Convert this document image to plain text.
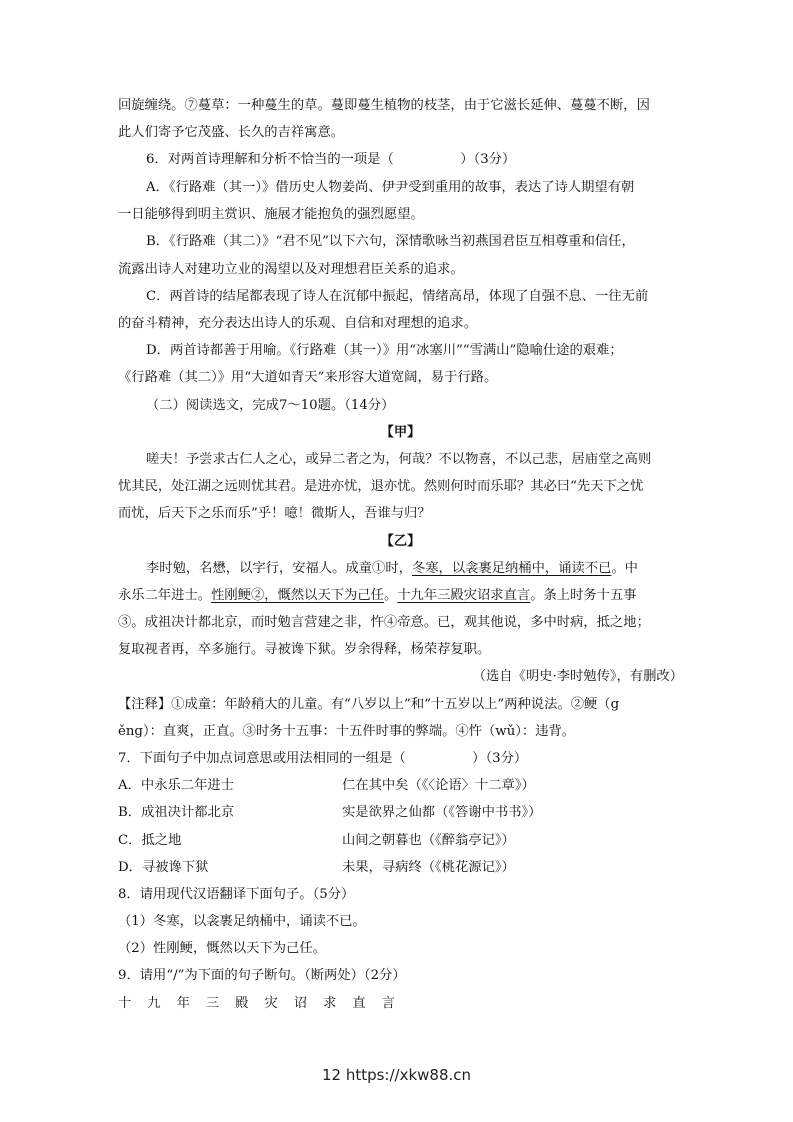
回旋缠绕。⑦蔓草：一种蔓生的草。蔓即蔓生植物的枝茎，由于它滋长延伸、蔓蔓不断，因
此人们寄予它茂盛、长久的吉祥寓意。
6．对两首诗理解和分析不恰当的一项是（　　　　　）（3分）
A．《行路难（其一）》借历史人物姜尚、伊尹受到重用的故事，表达了诗人期望有朝
一日能够得到明主赏识、施展才能抱负的强烈愿望。
B．《行路难（其二）》“君不见”以下六句，深情歌咏当初燕国君臣互相尊重和信任，
流露出诗人对建功立业的渴望以及对理想君臣关系的追求。
C．两首诗的结尾都表现了诗人在沉郁中振起，情绪高昂，体现了自强不息、一往无前
的奋斗精神，充分表达出诗人的乐观、自信和对理想的追求。
D．两首诗都善于用喻。《行路难（其一）》用“冰塞川”“雪满山”隐喻仕途的艰难；
《行路难（其二）》用“大道如青天”来形容大道宽阔，易于行路。
（二）阅读选文，完成7～10题。（14分）
【甲】
嗟夫！予尝求古仁人之心，或异二者之为，何哉？不以物喜，不以己悲，居庙堂之高则
忧其民，处江湖之远则忧其君。是进亦忧，退亦忧。然则何时而乐耶？其必曰“先天下之忧
而忧，后天下之乐而乐”乎！噫！微斯人，吾谁与归？
【乙】
李时勉，名懋，以字行，安福人。成童①时，冬寒，以衾裹足纳桶中，诵读不已。中
永乐二年进士。性刚鲠②，慨然以天下为己任。十九年三殿灾诏求直言。条上时务十五事
③。成祖决计都北京，而时勉言营建之非，忤④帝意。已，观其他说，多中时病，抵之地；
复取视者再，卒多施行。寻被谗下狱。岁余得释，杨荣荐复职。
（选自《明史·李时勉传》，有删改）
【注释】①成童：年龄稍大的儿童。有“八岁以上”和“十五岁以上”两种说法。②鲠（g
ěng）：直爽，正直。③时务十五事：十五件时事的弊端。④忤（wǔ）：违背。
7．下面句子中加点词意思或用法相同的一组是（　　　　　）（3分）
A．中永乐二年进士	仁在其中矣（《〈论语〉十二章》）
B．成祖决计都北京	实是欲界之仙都（《答谢中书书》）
C．抵之地	山间之朝暮也（《醉翁亭记》）
D．寻被谗下狱	未果，寻病终（《桃花源记》）
8．请用现代汉语翻译下面句子。（5分）
（1）冬寒，以衾裹足纳桶中，诵读不已。
（2）性刚鲠，慨然以天下为己任。
9．请用“/”为下面的句子断句。（断两处）（2分）
十九年三殿灾诏求直言
12 https://xkw88.cn
